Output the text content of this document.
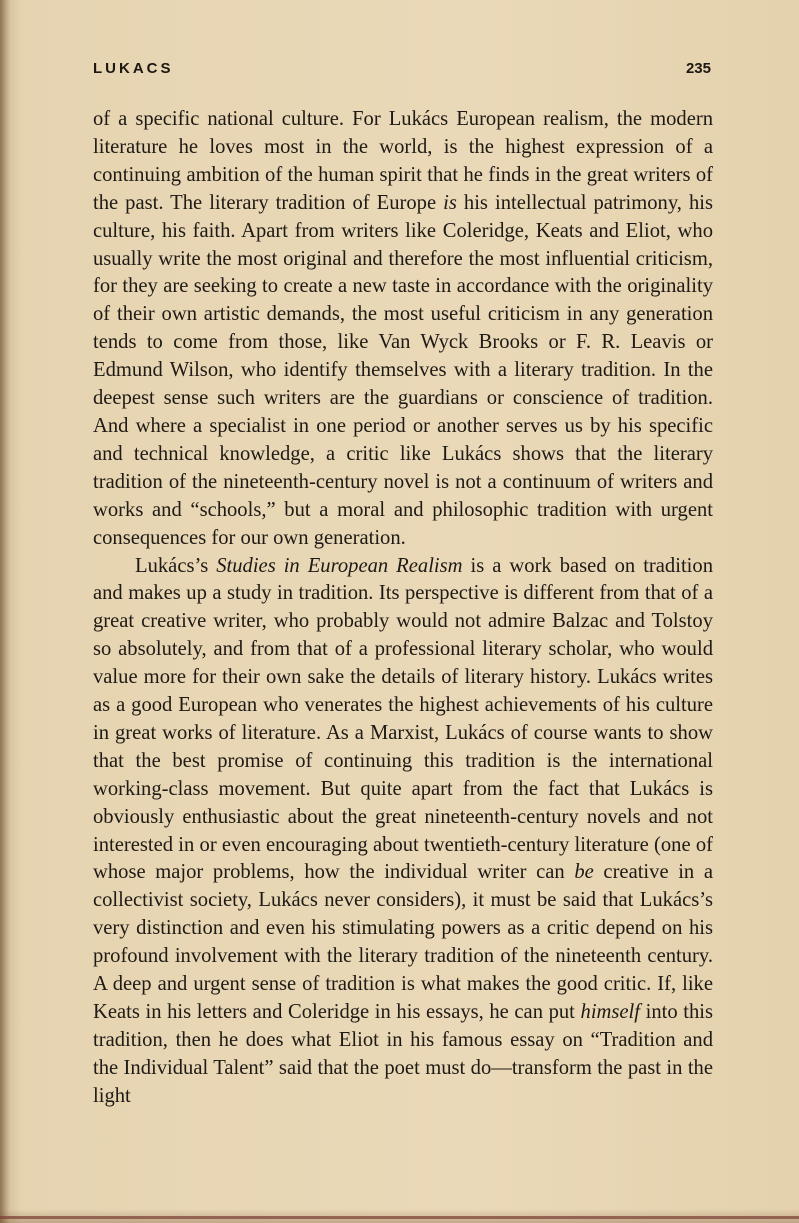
LUKACS	235

of a specific national culture. For Lukács European realism, the modern literature he loves most in the world, is the highest expression of a continuing ambition of the human spirit that he finds in the great writers of the past. The literary tradition of Europe is his intellectual patrimony, his culture, his faith. Apart from writers like Coleridge, Keats and Eliot, who usually write the most original and therefore the most influential criticism, for they are seeking to create a new taste in accordance with the originality of their own artistic demands, the most useful criticism in any generation tends to come from those, like Van Wyck Brooks or F. R. Leavis or Edmund Wilson, who identify themselves with a literary tradition. In the deepest sense such writers are the guardians or conscience of tradition. And where a specialist in one period or another serves us by his specific and technical knowledge, a critic like Lukács shows that the literary tradition of the nineteenth-century novel is not a continuum of writers and works and “schools,” but a moral and philosophic tradition with urgent consequences for our own generation.

Lukács’s Studies in European Realism is a work based on tradition and makes up a study in tradition. Its perspective is different from that of a great creative writer, who probably would not admire Balzac and Tolstoy so absolutely, and from that of a professional literary scholar, who would value more for their own sake the details of literary history. Lukács writes as a good European who venerates the highest achievements of his culture in great works of literature. As a Marxist, Lukács of course wants to show that the best promise of continuing this tradition is the international working-class movement. But quite apart from the fact that Lukács is obviously enthusiastic about the great nineteenth-century novels and not interested in or even encouraging about twentieth-century literature (one of whose major problems, how the individual writer can be creative in a collectivist society, Lukács never considers), it must be said that Lukács’s very distinction and even his stimulating powers as a critic depend on his profound involvement with the literary tradition of the nineteenth century. A deep and urgent sense of tradition is what makes the good critic. If, like Keats in his letters and Coleridge in his essays, he can put himself into this tradition, then he does what Eliot in his famous essay on “Tradition and the Individual Talent” said that the poet must do—transform the past in the light
